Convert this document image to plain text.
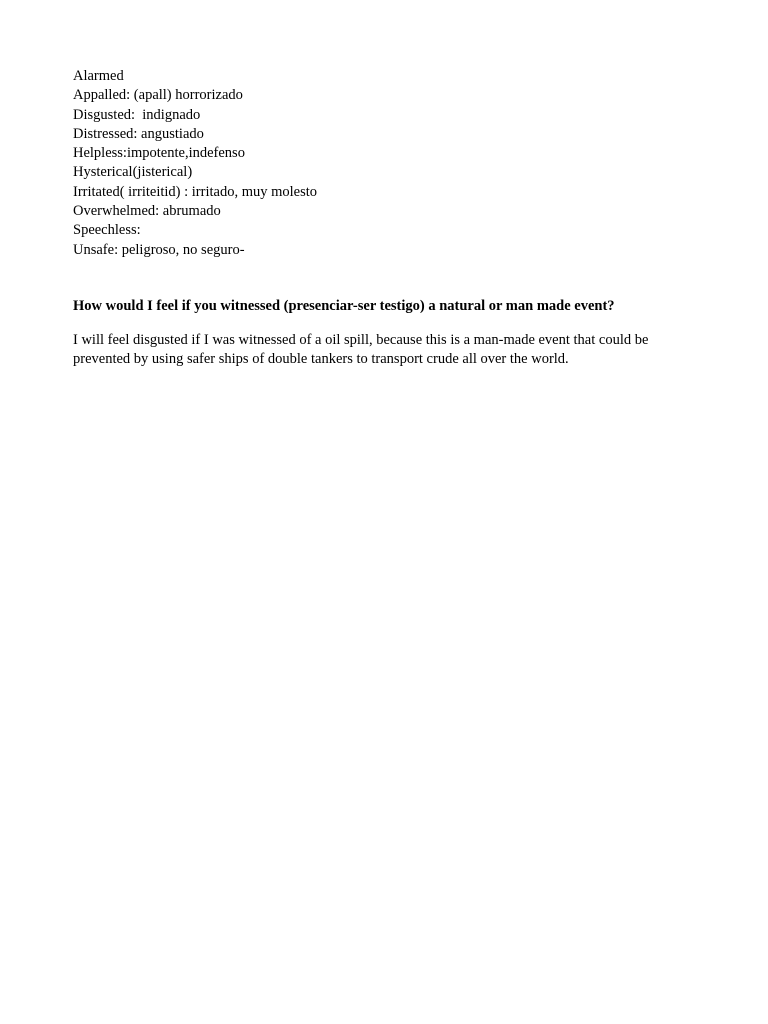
Alarmed
Appalled: (apall) horrorizado
Disgusted:  indignado
Distressed: angustiado
Helpless:impotente,indefenso
Hysterical(jisterical)
Irritated( irriteitid) : irritado, muy molesto
Overwhelmed: abrumado
Speechless:
Unsafe: peligroso, no seguro-

How would I feel if you witnessed (presenciar-ser testigo) a natural or man made event?

I will feel disgusted if I was witnessed of a oil spill, because this is a man-made event that could be prevented by using safer ships of double tankers to transport crude all over the world.
